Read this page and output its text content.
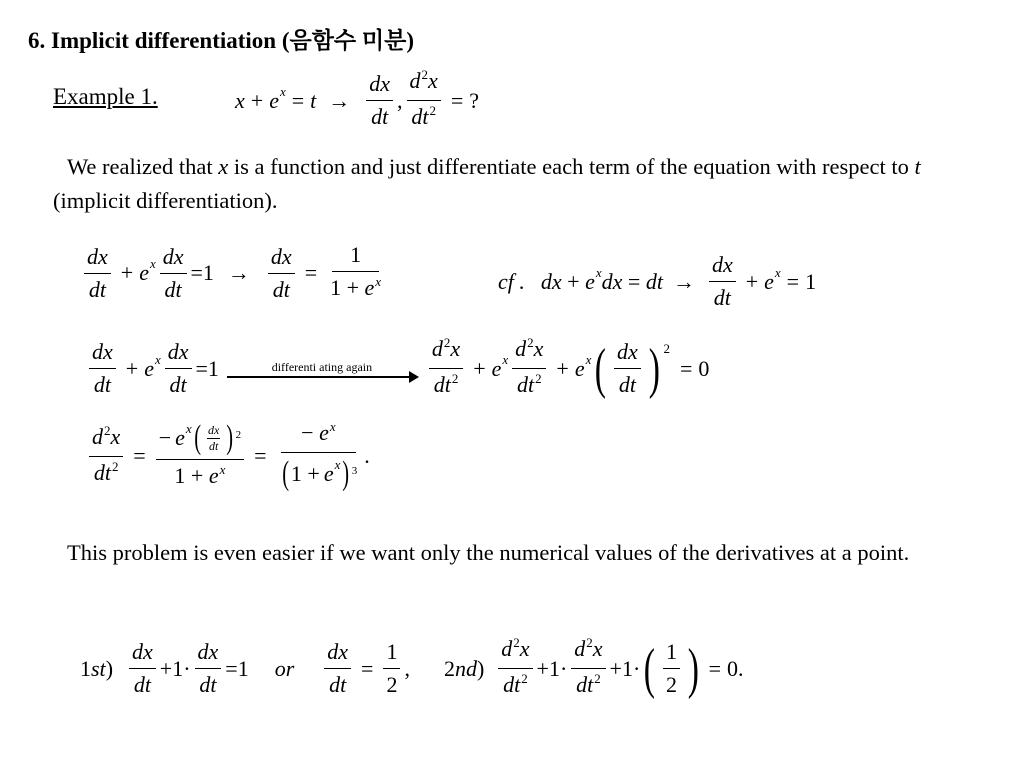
6. Implicit differentiation (음함수 미분)
Example 1.	x + e $^x = t \to \frac{dx}{dt}$ , $\frac{d^2x}{dt^2}$ = ?
We realized that x is a function and just differentiate each term of the equation with respect to t (implicit differentiation).
$\frac{dx}{dt} + e$ $^x \frac{dx}{dt} =1 \to \frac{dx}{dt} = \frac{1}{1 + e^x}$	cf . dx + e $^x$ dx = dt → $\frac{dx}{dt} + e$ $^x$ = 1
$\frac{dx}{dt} + e$ $^x \frac{dx}{dt} =1$	differenti ating again	$\frac{d^2x}{dt^2} + e$ $^x \frac{d^2x}{dt^2} + e$ $^x$ ( $\frac{dx}{dt}$ ) 2
= 0
$\frac{d^2x}{dt^2} = \frac{- e ^x ( \frac{dx}{dt} ) 2}{1 + e^x} = \frac{- e^x}{( 1 + e ^x ) 3}$ .
This problem is even easier if we want only the numerical values of the derivatives at a point.
1 st ) $\frac{dx}{dt} +1\cdot \frac{dx}{dt} =1$ or $\frac{dx}{dt} = \frac{1}{2}$ , 2 nd ) $\frac{d^2x}{dt^2} +1\cdot \frac{d^2x}{dt^2} +1\cdot$ ( $\frac{1}{2}$ ) = 0.
